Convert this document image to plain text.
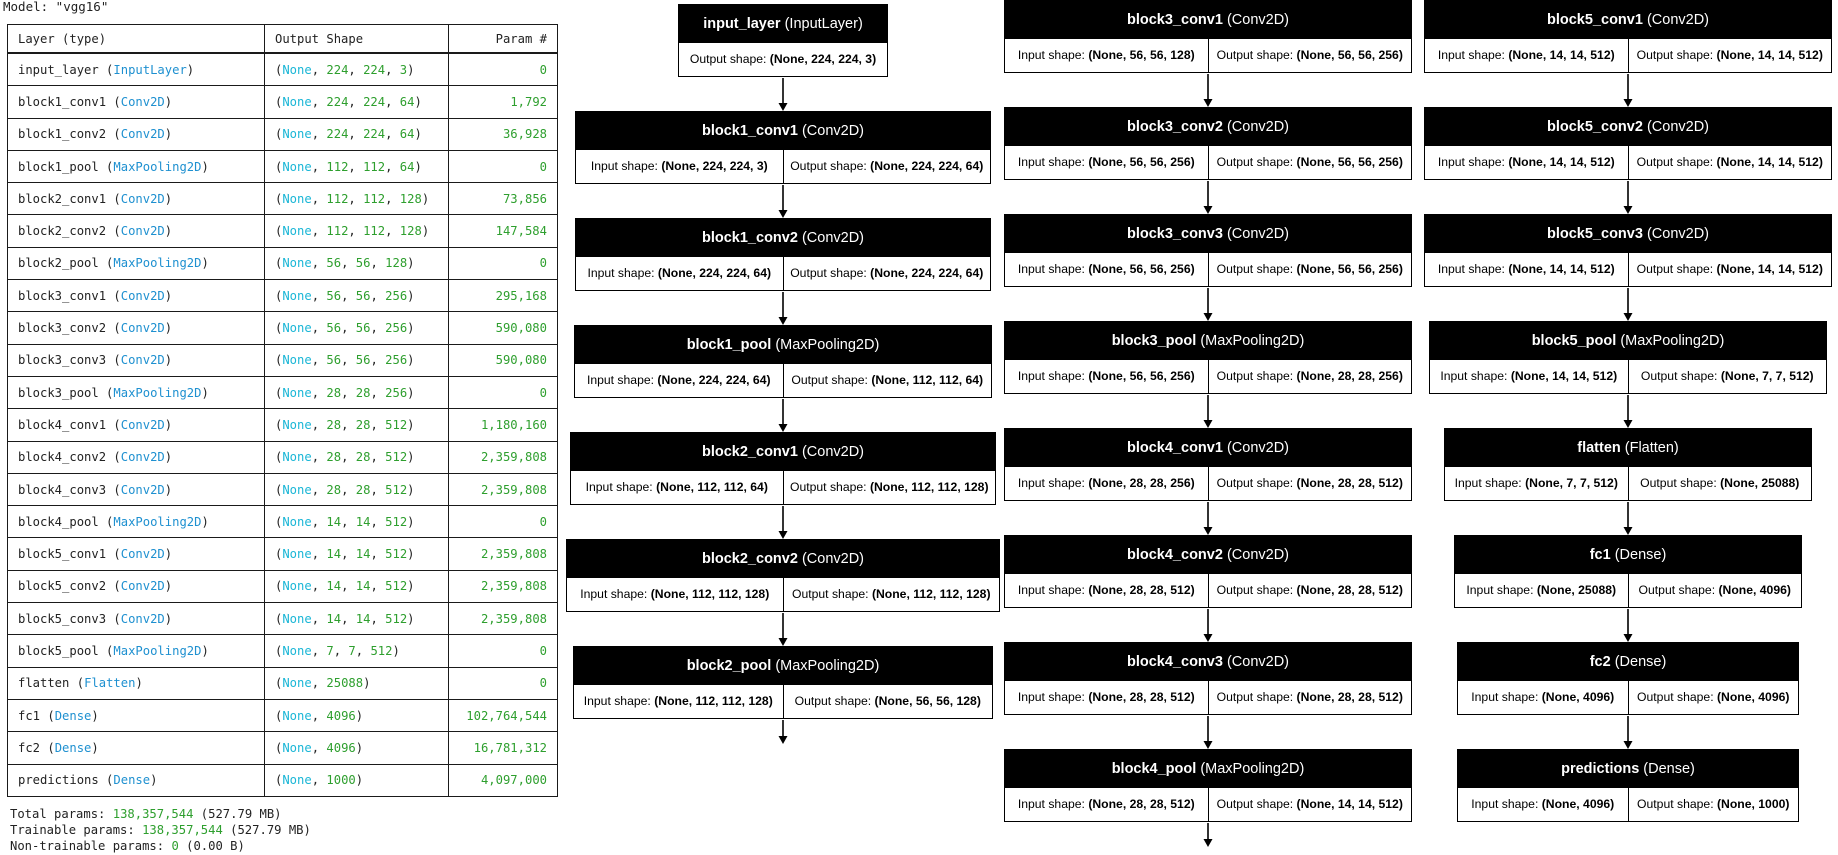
Model: "vgg16"
Layer (type)	Output Shape	Param #
input_layer (InputLayer)	(None, 224, 224, 3)	0
block1_conv1 (Conv2D)	(None, 224, 224, 64)	1,792
block1_conv2 (Conv2D)	(None, 224, 224, 64)	36,928
block1_pool (MaxPooling2D)	(None, 112, 112, 64)	0
block2_conv1 (Conv2D)	(None, 112, 112, 128)	73,856
block2_conv2 (Conv2D)	(None, 112, 112, 128)	147,584
block2_pool (MaxPooling2D)	(None, 56, 56, 128)	0
block3_conv1 (Conv2D)	(None, 56, 56, 256)	295,168
block3_conv2 (Conv2D)	(None, 56, 56, 256)	590,080
block3_conv3 (Conv2D)	(None, 56, 56, 256)	590,080
block3_pool (MaxPooling2D)	(None, 28, 28, 256)	0
block4_conv1 (Conv2D)	(None, 28, 28, 512)	1,180,160
block4_conv2 (Conv2D)	(None, 28, 28, 512)	2,359,808
block4_conv3 (Conv2D)	(None, 28, 28, 512)	2,359,808
block4_pool (MaxPooling2D)	(None, 14, 14, 512)	0
block5_conv1 (Conv2D)	(None, 14, 14, 512)	2,359,808
block5_conv2 (Conv2D)	(None, 14, 14, 512)	2,359,808
block5_conv3 (Conv2D)	(None, 14, 14, 512)	2,359,808
block5_pool (MaxPooling2D)	(None, 7, 7, 512)	0
flatten (Flatten)	(None, 25088)	0
fc1 (Dense)	(None, 4096)	102,764,544
fc2 (Dense)	(None, 4096)	16,781,312
predictions (Dense)	(None, 1000)	4,097,000
Total params: 138,357,544 (527.79 MB)
Trainable params: 138,357,544 (527.79 MB)
Non-trainable params: 0 (0.00 B)
input_layer (InputLayer)
Output shape: (None, 224, 224, 3)
block1_conv1 (Conv2D)
Input shape: (None, 224, 224, 3)	Output shape: (None, 224, 224, 64)
block1_conv2 (Conv2D)
Input shape: (None, 224, 224, 64)	Output shape: (None, 224, 224, 64)
block1_pool (MaxPooling2D)
Input shape: (None, 224, 224, 64)	Output shape: (None, 112, 112, 64)
block2_conv1 (Conv2D)
Input shape: (None, 112, 112, 64)	Output shape: (None, 112, 112, 128)
block2_conv2 (Conv2D)
Input shape: (None, 112, 112, 128)	Output shape: (None, 112, 112, 128)
block2_pool (MaxPooling2D)
Input shape: (None, 112, 112, 128)	Output shape: (None, 56, 56, 128)
block3_conv1 (Conv2D)
Input shape: (None, 56, 56, 128)	Output shape: (None, 56, 56, 256)
block3_conv2 (Conv2D)
Input shape: (None, 56, 56, 256)	Output shape: (None, 56, 56, 256)
block3_conv3 (Conv2D)
Input shape: (None, 56, 56, 256)	Output shape: (None, 56, 56, 256)
block3_pool (MaxPooling2D)
Input shape: (None, 56, 56, 256)	Output shape: (None, 28, 28, 256)
block4_conv1 (Conv2D)
Input shape: (None, 28, 28, 256)	Output shape: (None, 28, 28, 512)
block4_conv2 (Conv2D)
Input shape: (None, 28, 28, 512)	Output shape: (None, 28, 28, 512)
block4_conv3 (Conv2D)
Input shape: (None, 28, 28, 512)	Output shape: (None, 28, 28, 512)
block4_pool (MaxPooling2D)
Input shape: (None, 28, 28, 512)	Output shape: (None, 14, 14, 512)
block5_conv1 (Conv2D)
Input shape: (None, 14, 14, 512)	Output shape: (None, 14, 14, 512)
block5_conv2 (Conv2D)
Input shape: (None, 14, 14, 512)	Output shape: (None, 14, 14, 512)
block5_conv3 (Conv2D)
Input shape: (None, 14, 14, 512)	Output shape: (None, 14, 14, 512)
block5_pool (MaxPooling2D)
Input shape: (None, 14, 14, 512)	Output shape: (None, 7, 7, 512)
flatten (Flatten)
Input shape: (None, 7, 7, 512)	Output shape: (None, 25088)
fc1 (Dense)
Input shape: (None, 25088)	Output shape: (None, 4096)
fc2 (Dense)
Input shape: (None, 4096)	Output shape: (None, 4096)
predictions (Dense)
Input shape: (None, 4096)	Output shape: (None, 1000)
